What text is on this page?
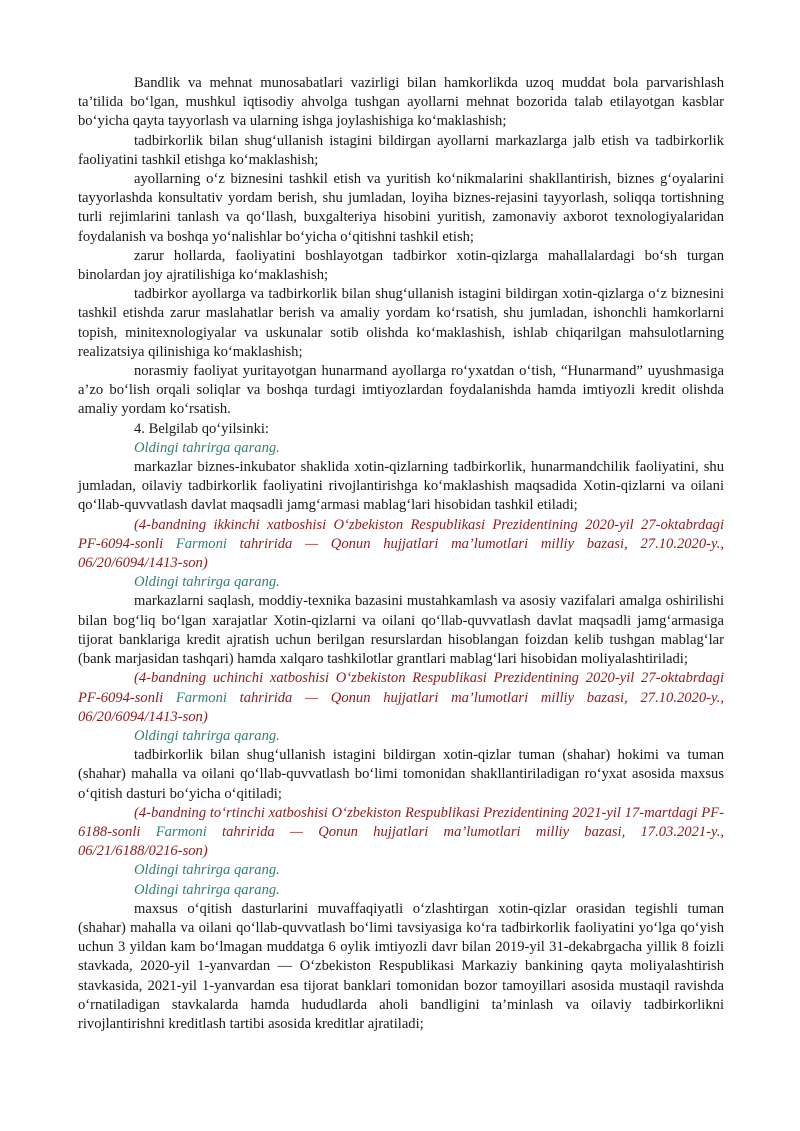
Bandlik va mehnat munosabatlari vazirligi bilan hamkorlikda uzoq muddat bola parvarishlash ta’tilida bo‘lgan, mushkul iqtisodiy ahvolga tushgan ayollarni mehnat bozorida talab etilayotgan kasblar bo‘yicha qayta tayyorlash va ularning ishga joylashishiga ko‘maklashish;

tadbirkorlik bilan shug‘ullanish istagini bildirgan ayollarni markazlarga jalb etish va tadbirkorlik faoliyatini tashkil etishga ko‘maklashish;

ayollarning o‘z biznesini tashkil etish va yuritish ko‘nikmalarini shakllantirish, biznes g‘oyalarini tayyorlashda konsultativ yordam berish, shu jumladan, loyiha biznes-rejasini tayyorlash, soliqqa tortishning turli rejimlarini tanlash va qo‘llash, buxgalteriya hisobini yuritish, zamonaviy axborot texnologiyalaridan foydalanish va boshqa yo‘nalishlar bo‘yicha o‘qitishni tashkil etish;

zarur hollarda, faoliyatini boshlayotgan tadbirkor xotin-qizlarga mahallalardagi bo‘sh turgan binolardan joy ajratilishiga ko‘maklashish;

tadbirkor ayollarga va tadbirkorlik bilan shug‘ullanish istagini bildirgan xotin-qizlarga o‘z biznesini tashkil etishda zarur maslahatlar berish va amaliy yordam ko‘rsatish, shu jumladan, ishonchli hamkorlarni topish, minitexnologiyalar va uskunalar sotib olishda ko‘maklashish, ishlab chiqarilgan mahsulotlarning realizatsiya qilinishiga ko‘maklashish;

norasmiy faoliyat yuritayotgan hunarmand ayollarga ro‘yxatdan o‘tish, “Hunarmand” uyushmasiga a’zo bo‘lish orqali soliqlar va boshqa turdagi imtiyozlardan foydalanishda hamda imtiyozli kredit olishda amaliy yordam ko‘rsatish.

4. Belgilab qo‘yilsinki:

Oldingi tahrirga qarang.

markazlar biznes-inkubator shaklida xotin-qizlarning tadbirkorlik, hunarmandchilik faoliyatini, shu jumladan, oilaviy tadbirkorlik faoliyatini rivojlantirishga ko‘maklashish maqsadida Xotin-qizlarni va oilani qo‘llab-quvvatlash davlat maqsadli jamg‘armasi mablag‘lari hisobidan tashkil etiladi;

(4-bandning ikkinchi xatboshisi O‘zbekiston Respublikasi Prezidentining 2020-yil 27-oktabrdagi PF-6094-sonli Farmoni tahririda — Qonun hujjatlari ma’lumotlari milliy bazasi, 27.10.2020-y., 06/20/6094/1413-son)

Oldingi tahrirga qarang.

markazlarni saqlash, moddiy-texnika bazasini mustahkamlash va asosiy vazifalari amalga oshirilishi bilan bog‘liq bo‘lgan xarajatlar Xotin-qizlarni va oilani qo‘llab-quvvatlash davlat maqsadli jamg‘armasiga tijorat banklariga kredit ajratish uchun berilgan resurslardan hisoblangan foizdan kelib tushgan mablag‘lar (bank marjasidan tashqari) hamda xalqaro tashkilotlar grantlari mablag‘lari hisobidan moliyalashtiriladi;

(4-bandning uchinchi xatboshisi O‘zbekiston Respublikasi Prezidentining 2020-yil 27-oktabrdagi PF-6094-sonli Farmoni tahririda — Qonun hujjatlari ma’lumotlari milliy bazasi, 27.10.2020-y., 06/20/6094/1413-son)

Oldingi tahrirga qarang.

tadbirkorlik bilan shug‘ullanish istagini bildirgan xotin-qizlar tuman (shahar) hokimi va tuman (shahar) mahalla va oilani qo‘llab-quvvatlash bo‘limi tomonidan shakllantiriladigan ro‘yxat asosida maxsus o‘qitish dasturi bo‘yicha o‘qitiladi;

(4-bandning to‘rtinchi xatboshisi O‘zbekiston Respublikasi Prezidentining 2021-yil 17-martdagi PF-6188-sonli Farmoni tahririda — Qonun hujjatlari ma’lumotlari milliy bazasi, 17.03.2021-y., 06/21/6188/0216-son)

Oldingi tahrirga qarang.

Oldingi tahrirga qarang.

maxsus o‘qitish dasturlarini muvaffaqiyatli o‘zlashtirgan xotin-qizlar orasidan tegishli tuman (shahar) mahalla va oilani qo‘llab-quvvatlash bo‘limi tavsiyasiga ko‘ra tadbirkorlik faoliyatini yo‘lga qo‘yish uchun 3 yildan kam bo‘lmagan muddatga 6 oylik imtiyozli davr bilan 2019-yil 31-dekabrgacha yillik 8 foizli stavkada, 2020-yil 1-yanvardan — O‘zbekiston Respublikasi Markaziy bankining qayta moliyalashtirish stavkasida, 2021-yil 1-yanvardan esa tijorat banklari tomonidan bozor tamoyillari asosida mustaqil ravishda o‘rnatiladigan stavkalarda hamda hududlarda aholi bandligini ta’minlash va oilaviy tadbirkorlikni rivojlantirishni kreditlash tartibi asosida kreditlar ajratiladi;
